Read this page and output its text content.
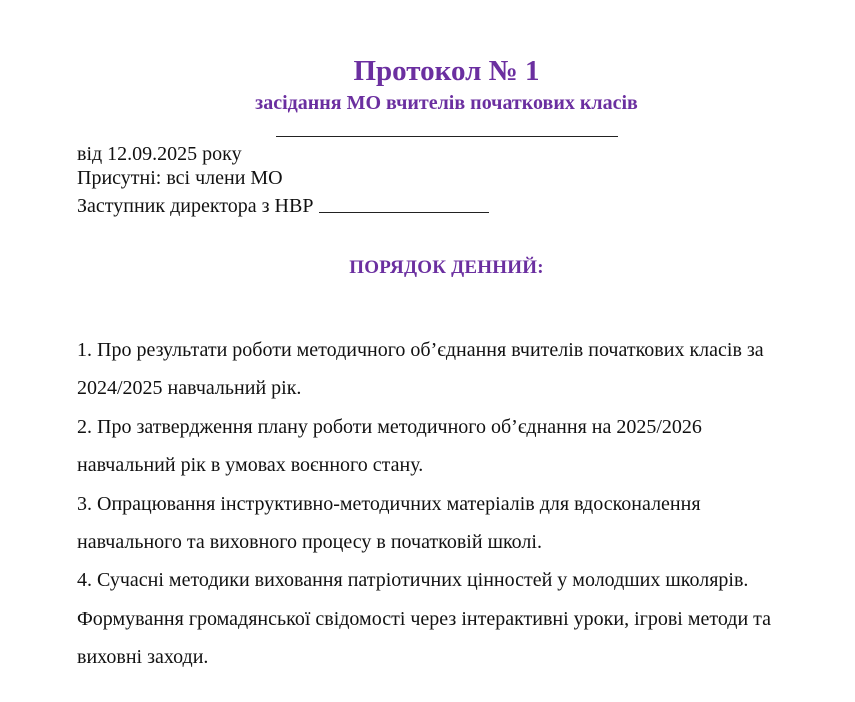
Протокол № 1
засідання МО вчителів початкових класів
від 12.09.2025 року
Присутні: всі члени МО
Заступник директора з НВР
ПОРЯДОК ДЕННИЙ:
1. Про результати роботи методичного об’єднання вчителів початкових класів за 2024/2025 навчальний рік.
2. Про затвердження плану роботи методичного об’єднання на 2025/2026 навчальний рік в умовах воєнного стану.
3. Опрацювання інструктивно-методичних матеріалів для вдосконалення навчального та виховного процесу в початковій школі.
4. Сучасні методики виховання патріотичних цінностей у молодших школярів. Формування громадянської свідомості через інтерактивні уроки, ігрові методи та виховні заходи.
